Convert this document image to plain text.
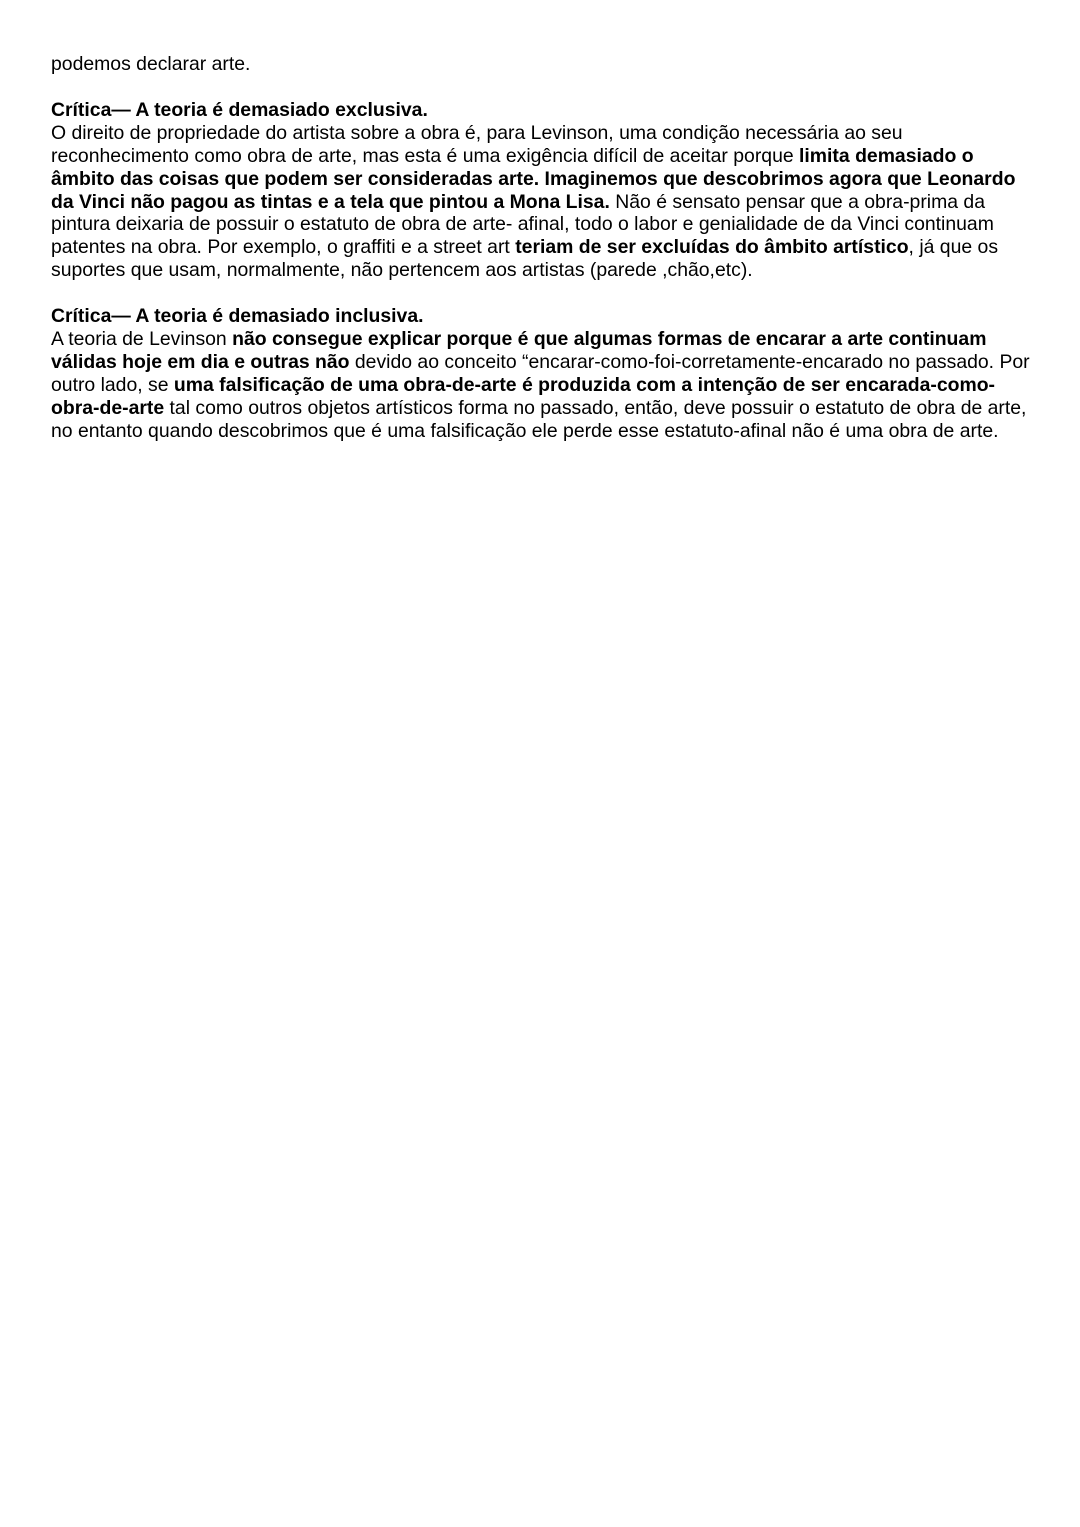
podemos declarar arte.

Crítica— A teoria é demasiado exclusiva.

O direito de propriedade do artista sobre a obra é, para Levinson, uma condição necessária ao seu reconhecimento como obra de arte, mas esta é uma exigência difícil de aceitar porque limita demasiado o âmbito das coisas que podem ser consideradas arte. Imaginemos que descobrimos agora que Leonardo da Vinci não pagou as tintas e a tela que pintou a Mona Lisa. Não é sensato pensar que a obra-prima da pintura deixaria de possuir o estatuto de obra de arte- afinal, todo o labor e genialidade de da Vinci continuam patentes na obra. Por exemplo, o graffiti e a street art teriam de ser excluídas do âmbito artístico, já que os suportes que usam, normalmente, não pertencem aos artistas (parede ,chão,etc).

Crítica— A teoria é demasiado inclusiva.

A teoria de Levinson não consegue explicar porque é que algumas formas de encarar a arte continuam válidas hoje em dia e outras não devido ao conceito “encarar-como-foi-corretamente-encarado no passado. Por outro lado, se uma falsificação de uma obra-de-arte é produzida com a intenção de ser encarada-como-obra-de-arte tal como outros objetos artísticos forma no passado, então, deve possuir o estatuto de obra de arte, no entanto quando descobrimos que é uma falsificação ele perde esse estatuto-afinal não é uma obra de arte.
